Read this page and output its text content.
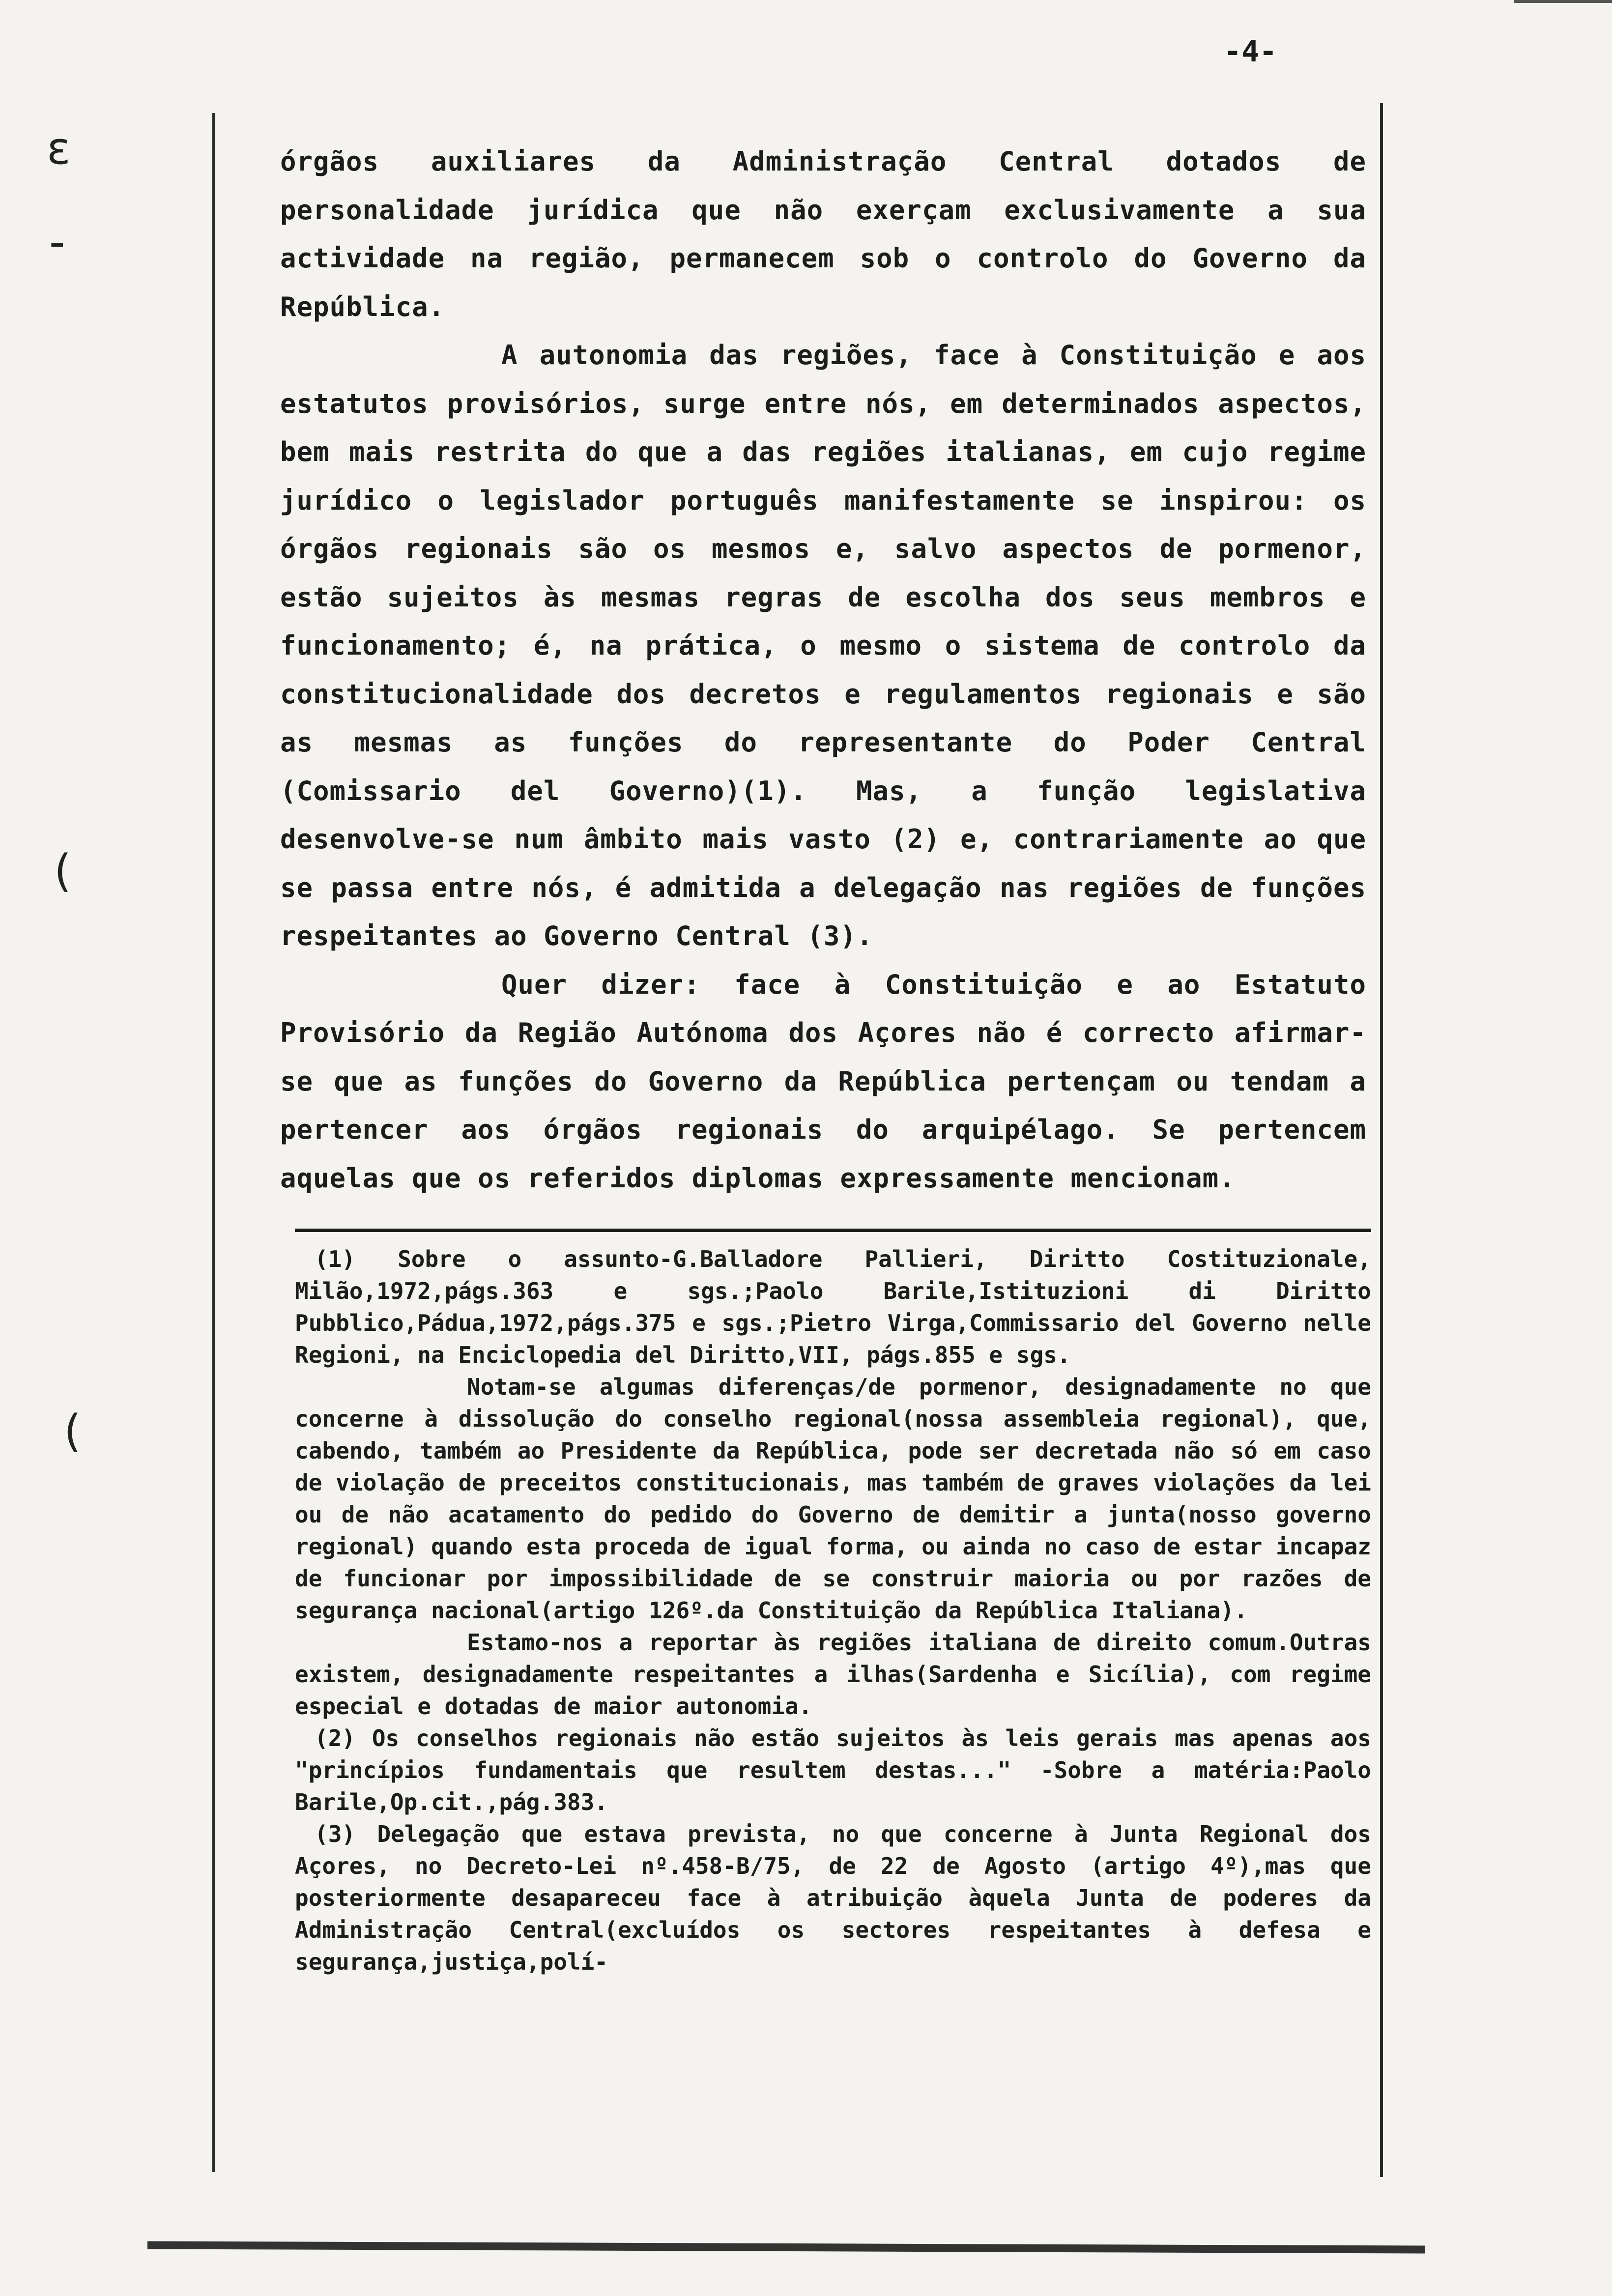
-4-
ɛ
-
(
(

órgãos auxiliares da Administração Central dotados de personalidade jurídica que não exerçam exclusivamente a sua actividade na região, permanecem sob o controlo do Governo da República.

A autonomia das regiões, face à Constituição e aos estatutos provisórios, surge entre nós, em determinados aspectos, bem mais restrita do que a das regiões italianas, em cujo regime jurídico o legislador português manifestamente se inspirou: os órgãos regionais são os mesmos e, salvo aspectos de pormenor, estão sujeitos às mesmas regras de escolha dos seus membros e funcionamento; é, na prática, o mesmo o sistema de controlo da constitucionalidade dos decretos e regulamentos regionais e são as mesmas as funções do representante do Poder Central (Comissario del Governo)(1). Mas, a função legislativa desenvolve-se num âmbito mais vasto (2) e, contrariamente ao que se passa entre nós, é admitida a delegação nas regiões de funções respeitantes ao Governo Central (3).

Quer dizer: face à Constituição e ao Estatuto Provisório da Região Autónoma dos Açores não é correcto afirmar-se que as funções do Governo da República pertençam ou tendam a pertencer aos órgãos regionais do arquipélago. Se pertencem aquelas que os referidos diplomas expressamente mencionam.

(1) Sobre o assunto-G.Balladore Pallieri, Diritto Costituzionale, Milão,1972,págs.363 e sgs.;Paolo Barile,Istituzioni di Diritto Pubblico,Pádua,1972,págs.375 e sgs.;Pietro Virga,Commissario del Governo nelle Regioni, na Enciclopedia del Diritto,VII, págs.855 e sgs.

Notam-se algumas diferenças/de pormenor, designadamente no que concerne à dissolução do conselho regional(nossa assembleia regional), que, cabendo, também ao Presidente da República, pode ser decretada não só em caso de violação de preceitos constitucionais, mas também de graves violações da lei ou de não acatamento do pedido do Governo de demitir a junta(nosso governo regional) quando esta proceda de igual forma, ou ainda no caso de estar incapaz de funcionar por impossibilidade de se construir maioria ou por razões de segurança nacional(artigo 126º.da Constituição da República Italiana).

Estamo-nos a reportar às regiões italiana de direito comum.Outras existem, designadamente respeitantes a ilhas(Sardenha e Sicília), com regime especial e dotadas de maior autonomia.

(2) Os conselhos regionais não estão sujeitos às leis gerais mas apenas aos "princípios fundamentais que resultem destas..." -Sobre a matéria:Paolo Barile,Op.cit.,pág.383.

(3) Delegação que estava prevista, no que concerne à Junta Regional dos Açores, no Decreto-Lei nº.458-B/75, de 22 de Agosto (artigo 4º),mas que posteriormente desapareceu face à atribuição àquela Junta de poderes da Administração Central(excluídos os sectores respeitantes à defesa e segurança,justiça,polí-
